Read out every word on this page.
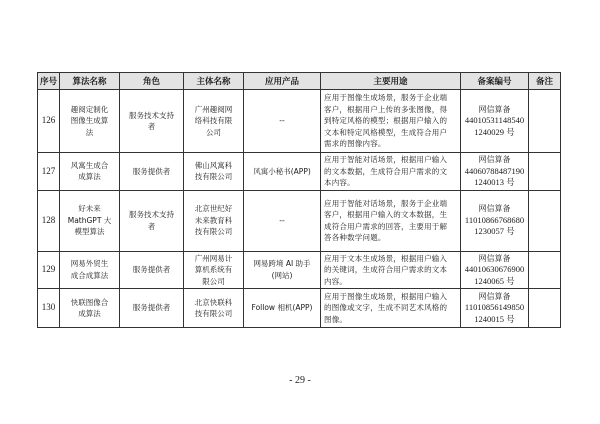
序号	算法名称	角色	主体名称	应用产品	主要用途	备案编号	备注
126	趣阅定制化
图像生成算
法	服务技术支持
者	广州趣阅网
络科技有限
公司	--	应用于图像生成场景，服务于企业端
客户，根据用户上传的多张图像，得
到特定风格的模型；根据用户输入的
文本和特定风格模型，生成符合用户
需求的图像内容。	网信算备
44010531148540
1240029 号	

127	风寓生成合
成算法	服务提供者	佛山风寓科
技有限公司	风寓小秘书(APP)	应用于智能对话场景，根据用户输入
的文本数据，生成符合用户需求的文
本内容。	网信算备
44060788487190
1240013 号	

128	好未来
MathGPT 大
模型算法	服务技术支持
者	北京世纪好
未来教育科
技有限公司	--	应用于智能对话场景，服务于企业端
客户，根据用户输入的文本数据，生
成符合用户需求的回答，主要用于解
答各种数学问题。	网信算备
11010866768680
1230057 号	

129	网易外贸生
成合成算法	服务提供者	广州网易计
算机系统有
限公司	网易跨境 AI 助手
(网站)	应用于文本生成场景，根据用户输入
的关键词，生成符合用户需求的文本
内容。	网信算备
44010630676900
1240065 号	

130	快联图像合
成算法	服务提供者	北京快联科
技有限公司	Follow 相机(APP)	应用于图像生成场景，根据用户输入
的图像或文字，生成不同艺术风格的
图像。	网信算备
11010856149850
1240015 号	

- 29 -
